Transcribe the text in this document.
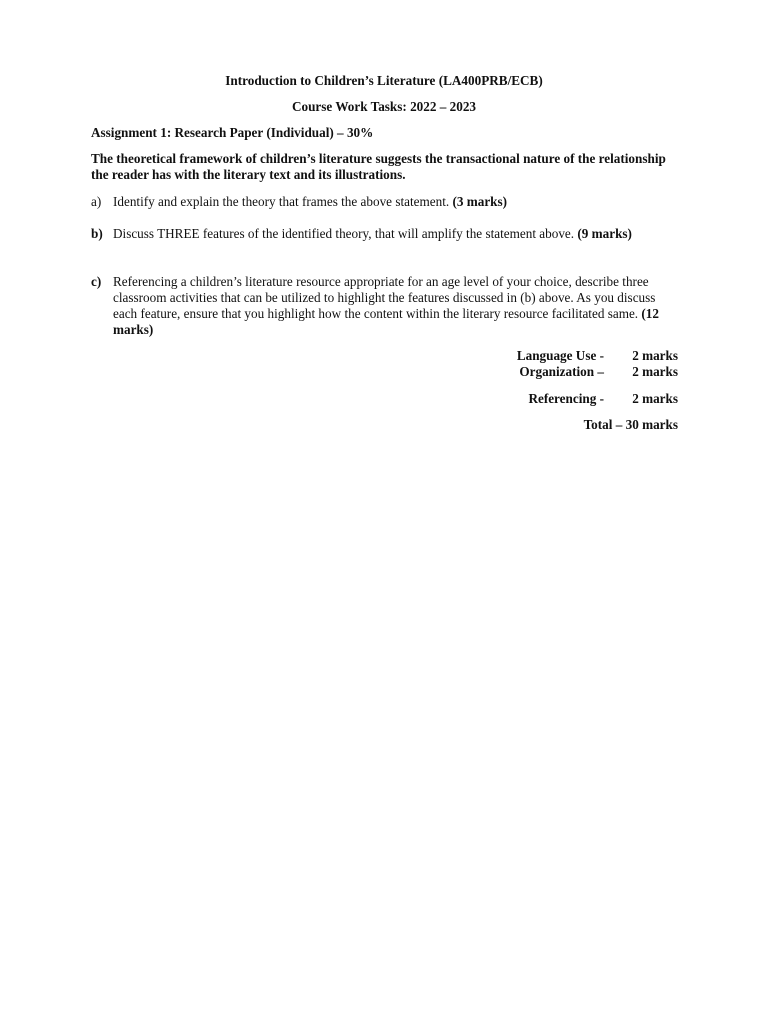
Introduction to Children’s Literature (LA400PRB/ECB)
Course Work Tasks: 2022 – 2023
Assignment 1: Research Paper (Individual) – 30%
The theoretical framework of children’s literature suggests the transactional nature of the relationship the reader has with the literary text and its illustrations.
a) Identify and explain the theory that frames the above statement. (3 marks)
b) Discuss THREE features of the identified theory, that will amplify the statement above. (9 marks)
c) Referencing a children’s literature resource appropriate for an age level of your choice, describe three classroom activities that can be utilized to highlight the features discussed in (b) above. As you discuss each feature, ensure that you highlight how the content within the literary resource facilitated same. (12 marks)
Language Use - 2 marks
Organization – 2 marks
Referencing - 2 marks
Total – 30 marks
